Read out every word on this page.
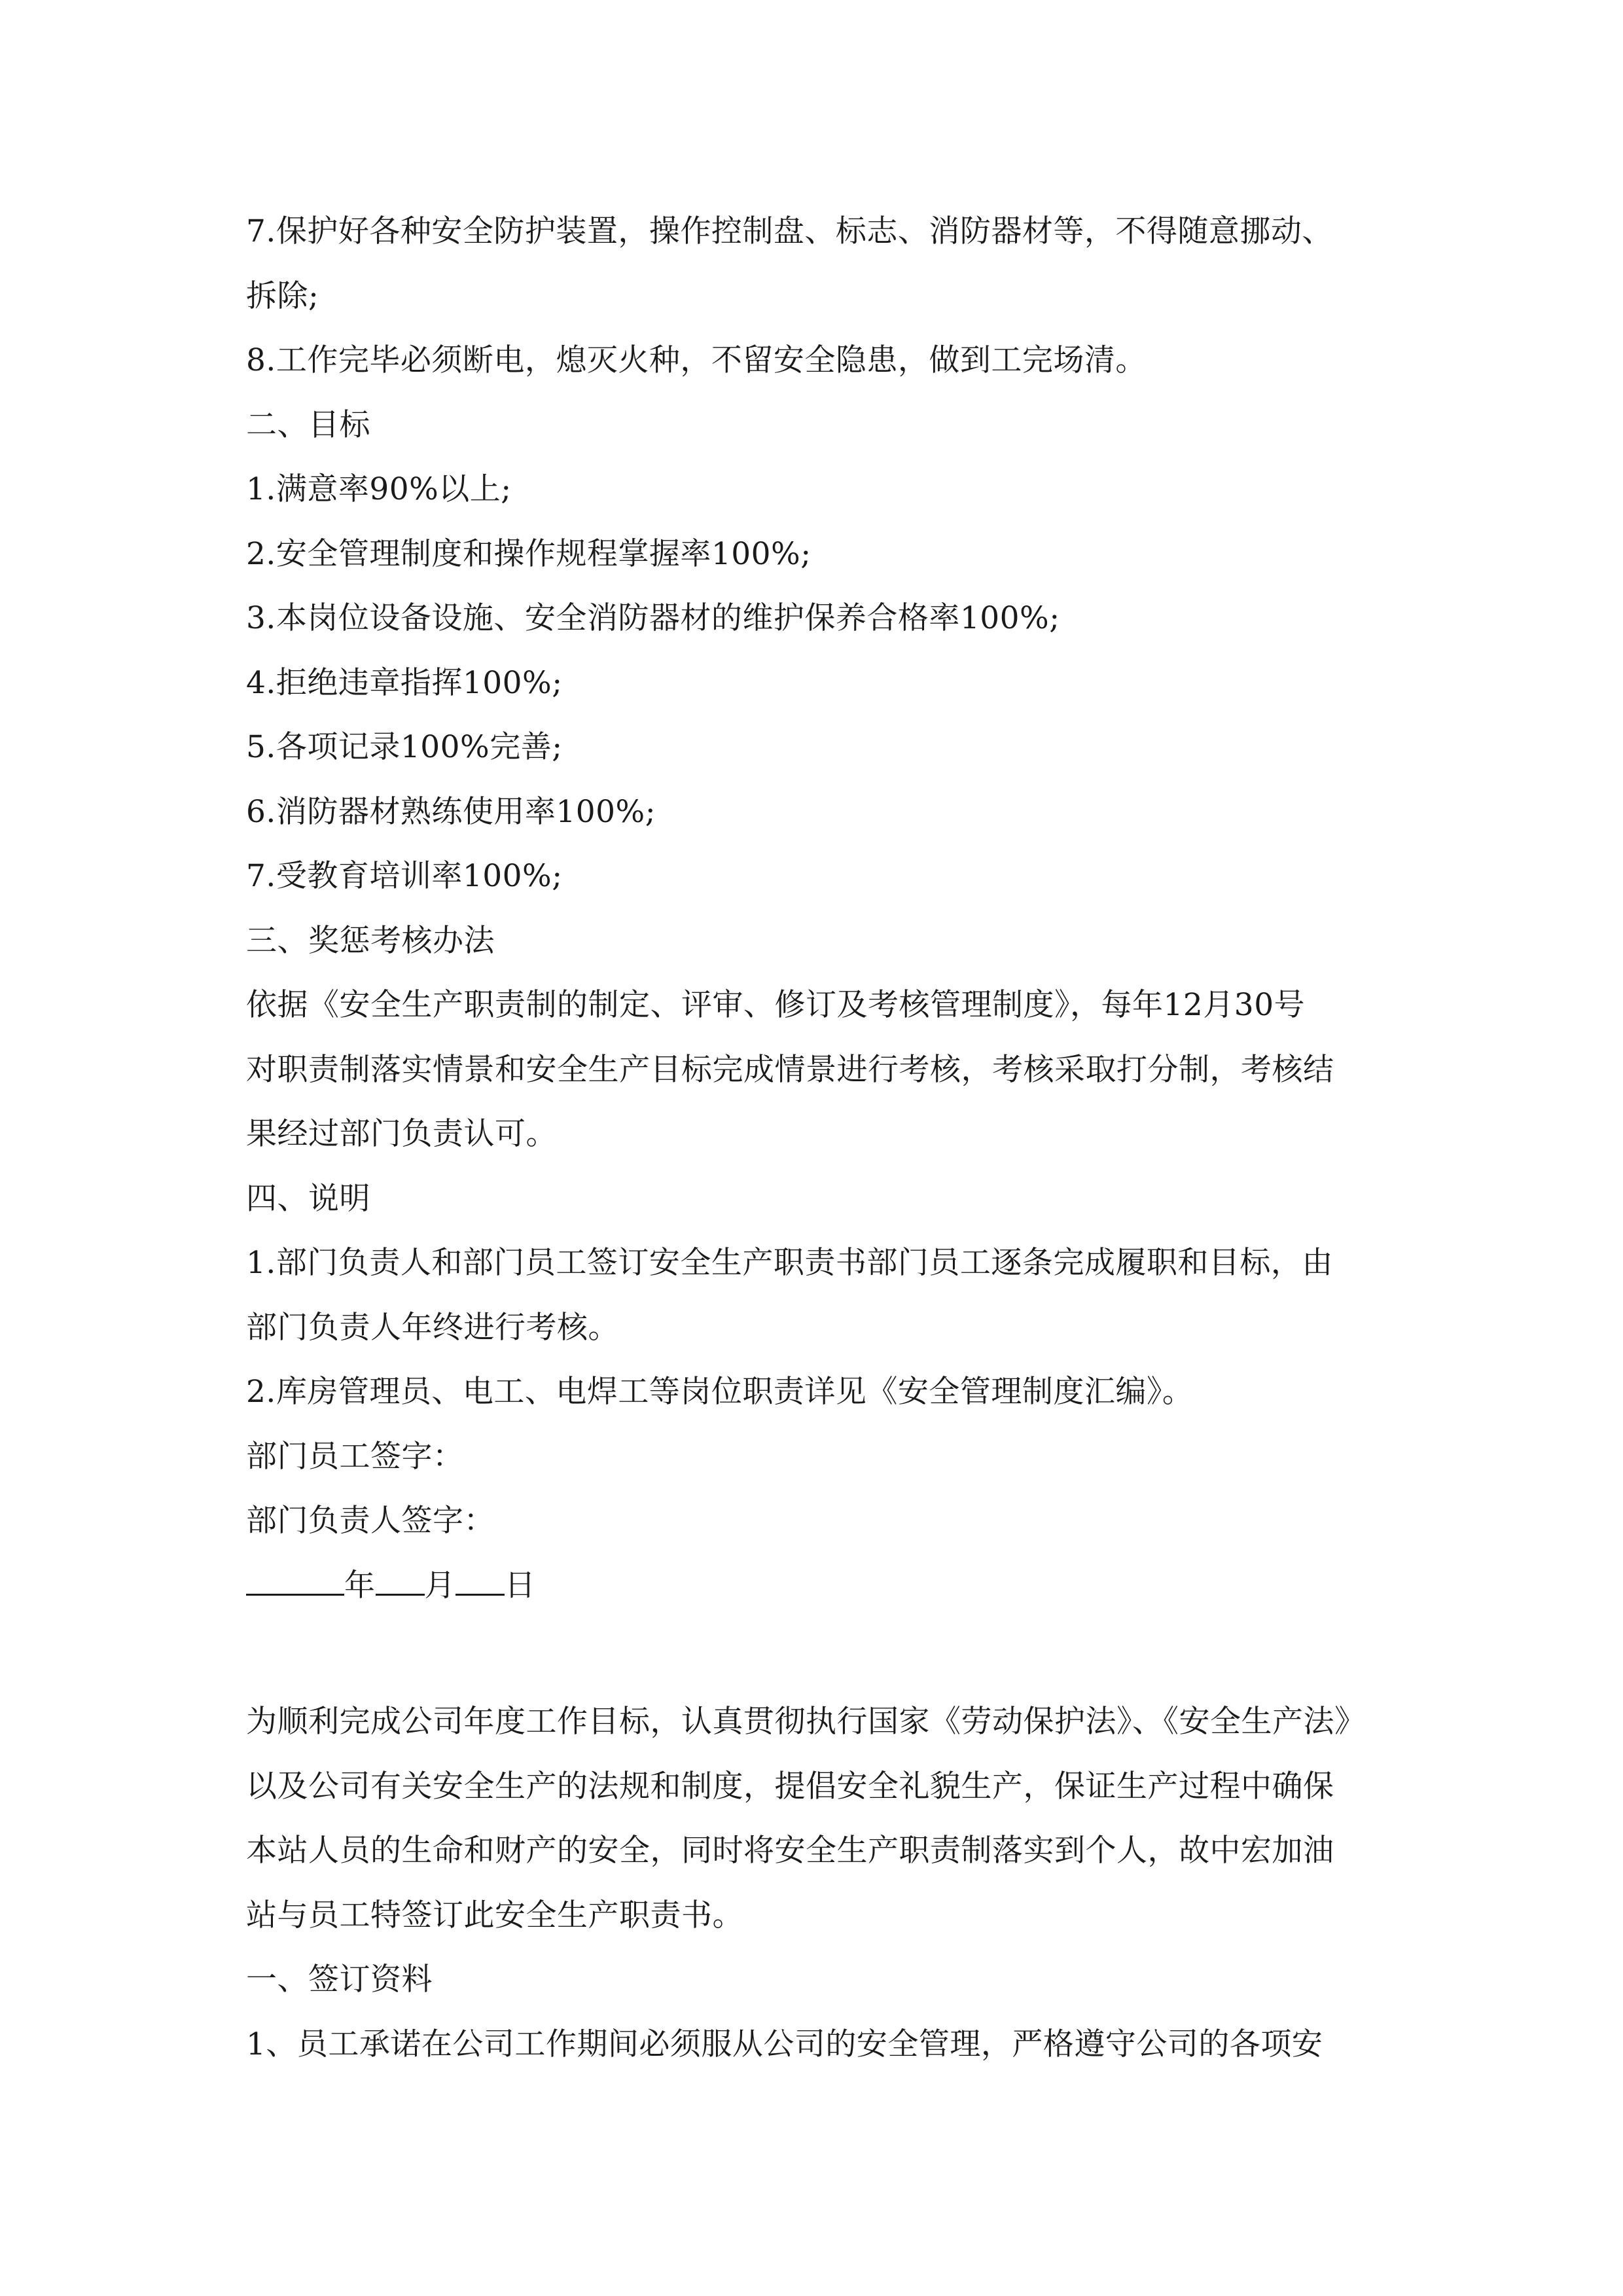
7.保护好各种安全防护装置，操作控制盘、标志、消防器材等，不得随意挪动、
拆除;
8.工作完毕必须断电，熄灭火种，不留安全隐患，做到工完场清。
二、目标
1.满意率90%以上;
2.安全管理制度和操作规程掌握率100%;
3.本岗位设备设施、安全消防器材的维护保养合格率100%;
4.拒绝违章指挥100%;
5.各项记录100%完善;
6.消防器材熟练使用率100%;
7.受教育培训率100%;
三、奖惩考核办法
依据《安全生产职责制的制定、评审、修订及考核管理制度》，每年12月30号
对职责制落实情景和安全生产目标完成情景进行考核，考核采取打分制，考核结
果经过部门负责认可。
四、说明
1.部门负责人和部门员工签订安全生产职责书部门员工逐条完成履职和目标，由
部门负责人年终进行考核。
2.库房管理员、电工、电焊工等岗位职责详见《安全管理制度汇编》。
部门员工签字：
部门负责人签字：
年 月 日
为顺利完成公司年度工作目标，认真贯彻执行国家《劳动保护法》、《安全生产法》
以及公司有关安全生产的法规和制度，提倡安全礼貌生产，保证生产过程中确保
本站人员的生命和财产的安全，同时将安全生产职责制落实到个人，故中宏加油
站与员工特签订此安全生产职责书。
一、签订资料
1、员工承诺在公司工作期间必须服从公司的安全管理，严格遵守公司的各项安
